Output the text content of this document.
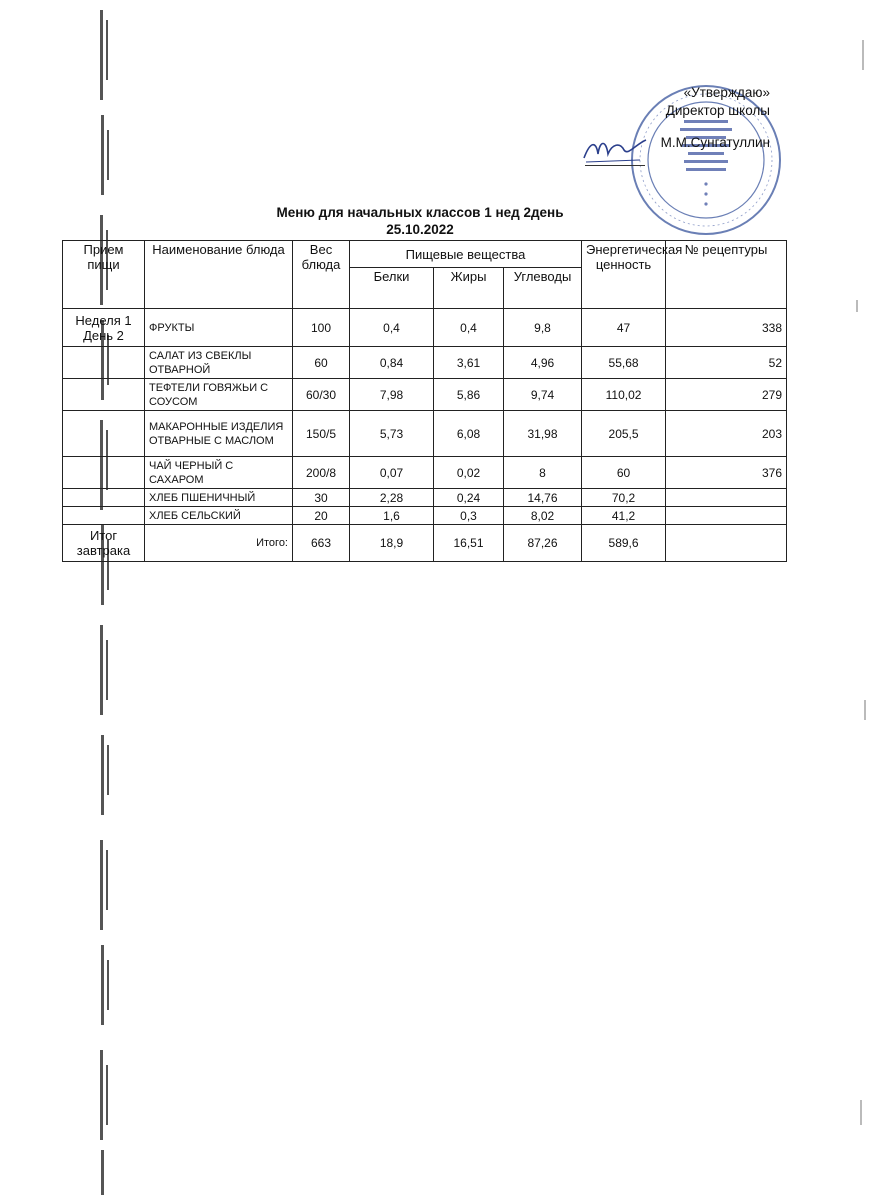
«Утверждаю»
Директор школы
М.М.Сунгатуллин
Меню для начальных классов 1 нед 2день
25.10.2022
Прием пищи	Наименование блюда	Вес блюда	Пищевые вещества			Энергетическая ценность	№ рецептуры
			Белки	Жиры	Углеводы		
Неделя 1 День 2	ФРУКТЫ	100	0,4	0,4	9,8	47	338
	САЛАТ ИЗ СВЕКЛЫ ОТВАРНОЙ	60	0,84	3,61	4,96	55,68	52
	ТЕФТЕЛИ ГОВЯЖЬИ С СОУСОМ	60/30	7,98	5,86	9,74	110,02	279
	МАКАРОННЫЕ ИЗДЕЛИЯ ОТВАРНЫЕ С МАСЛОМ	150/5	5,73	6,08	31,98	205,5	203
	ЧАЙ ЧЕРНЫЙ С САХАРОМ	200/8	0,07	0,02	8	60	376
	ХЛЕБ ПШЕНИЧНЫЙ	30	2,28	0,24	14,76	70,2	
	ХЛЕБ СЕЛЬСКИЙ	20	1,6	0,3	8,02	41,2	
Итог завтрака	Итого:	663	18,9	16,51	87,26	589,6	
